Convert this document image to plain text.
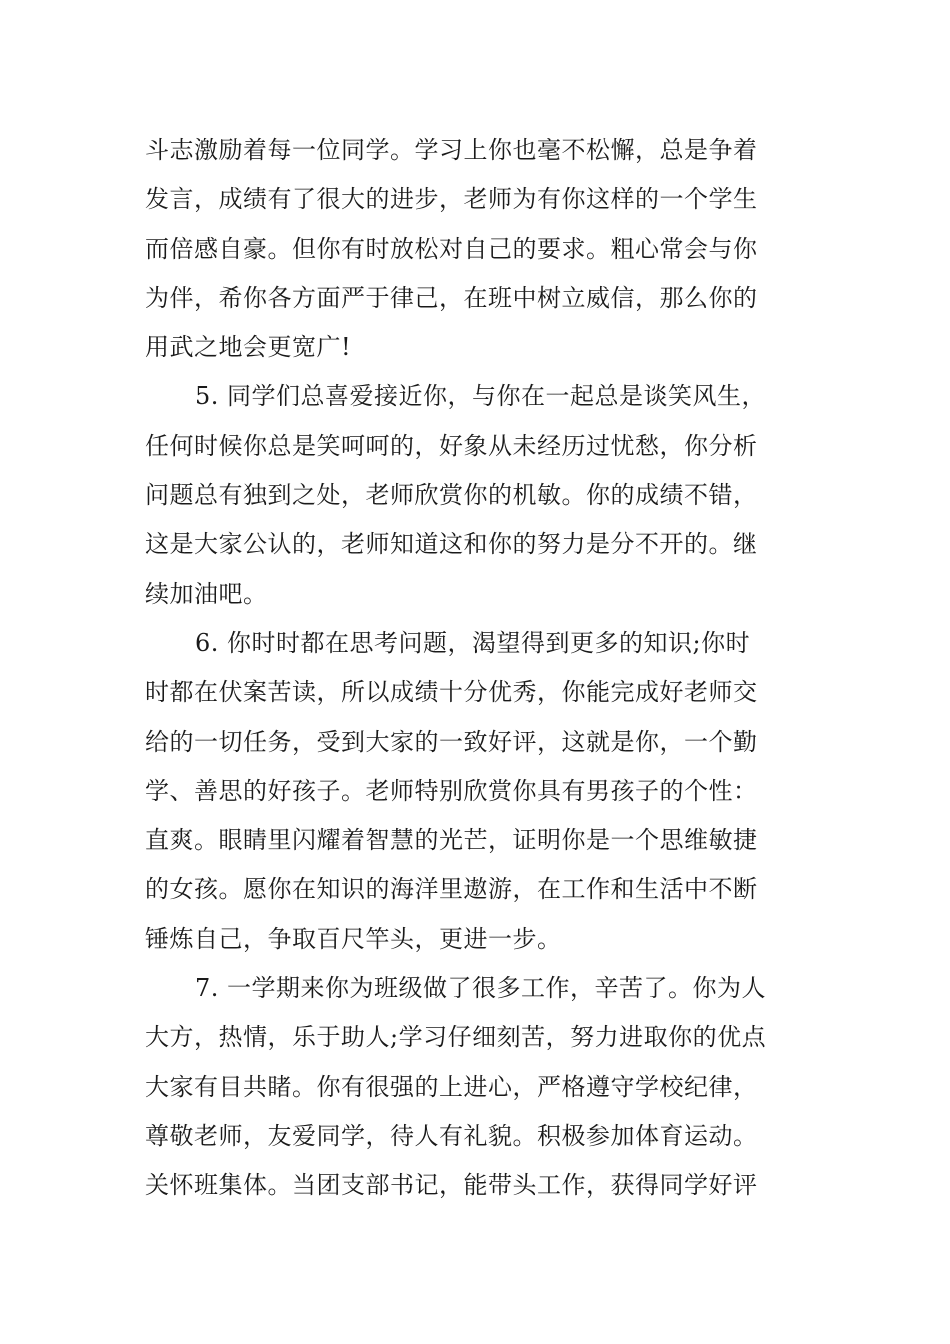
斗志激励着每一位同学。学习上你也毫不松懈，总是争着
发言，成绩有了很大的进步，老师为有你这样的一个学生
而倍感自豪。但你有时放松对自己的要求。粗心常会与你
为伴，希你各方面严于律己，在班中树立威信，那么你的
用武之地会更宽广!

5. 同学们总喜爱接近你，与你在一起总是谈笑风生，
任何时候你总是笑呵呵的，好象从未经历过忧愁，你分析
问题总有独到之处，老师欣赏你的机敏。你的成绩不错，
这是大家公认的，老师知道这和你的努力是分不开的。继
续加油吧。

6. 你时时都在思考问题，渴望得到更多的知识;你时
时都在伏案苦读，所以成绩十分优秀，你能完成好老师交
给的一切任务，受到大家的一致好评，这就是你，一个勤
学、善思的好孩子。老师特别欣赏你具有男孩子的个性：
直爽。眼睛里闪耀着智慧的光芒，证明你是一个思维敏捷
的女孩。愿你在知识的海洋里遨游，在工作和生活中不断
锤炼自己，争取百尺竿头，更进一步。

7. 一学期来你为班级做了很多工作，辛苦了。你为人
大方，热情，乐于助人;学习仔细刻苦，努力进取你的优点
大家有目共睹。你有很强的上进心，严格遵守学校纪律，
尊敬老师，友爱同学，待人有礼貌。积极参加体育运动。
关怀班集体。当团支部书记，能带头工作，获得同学好评
